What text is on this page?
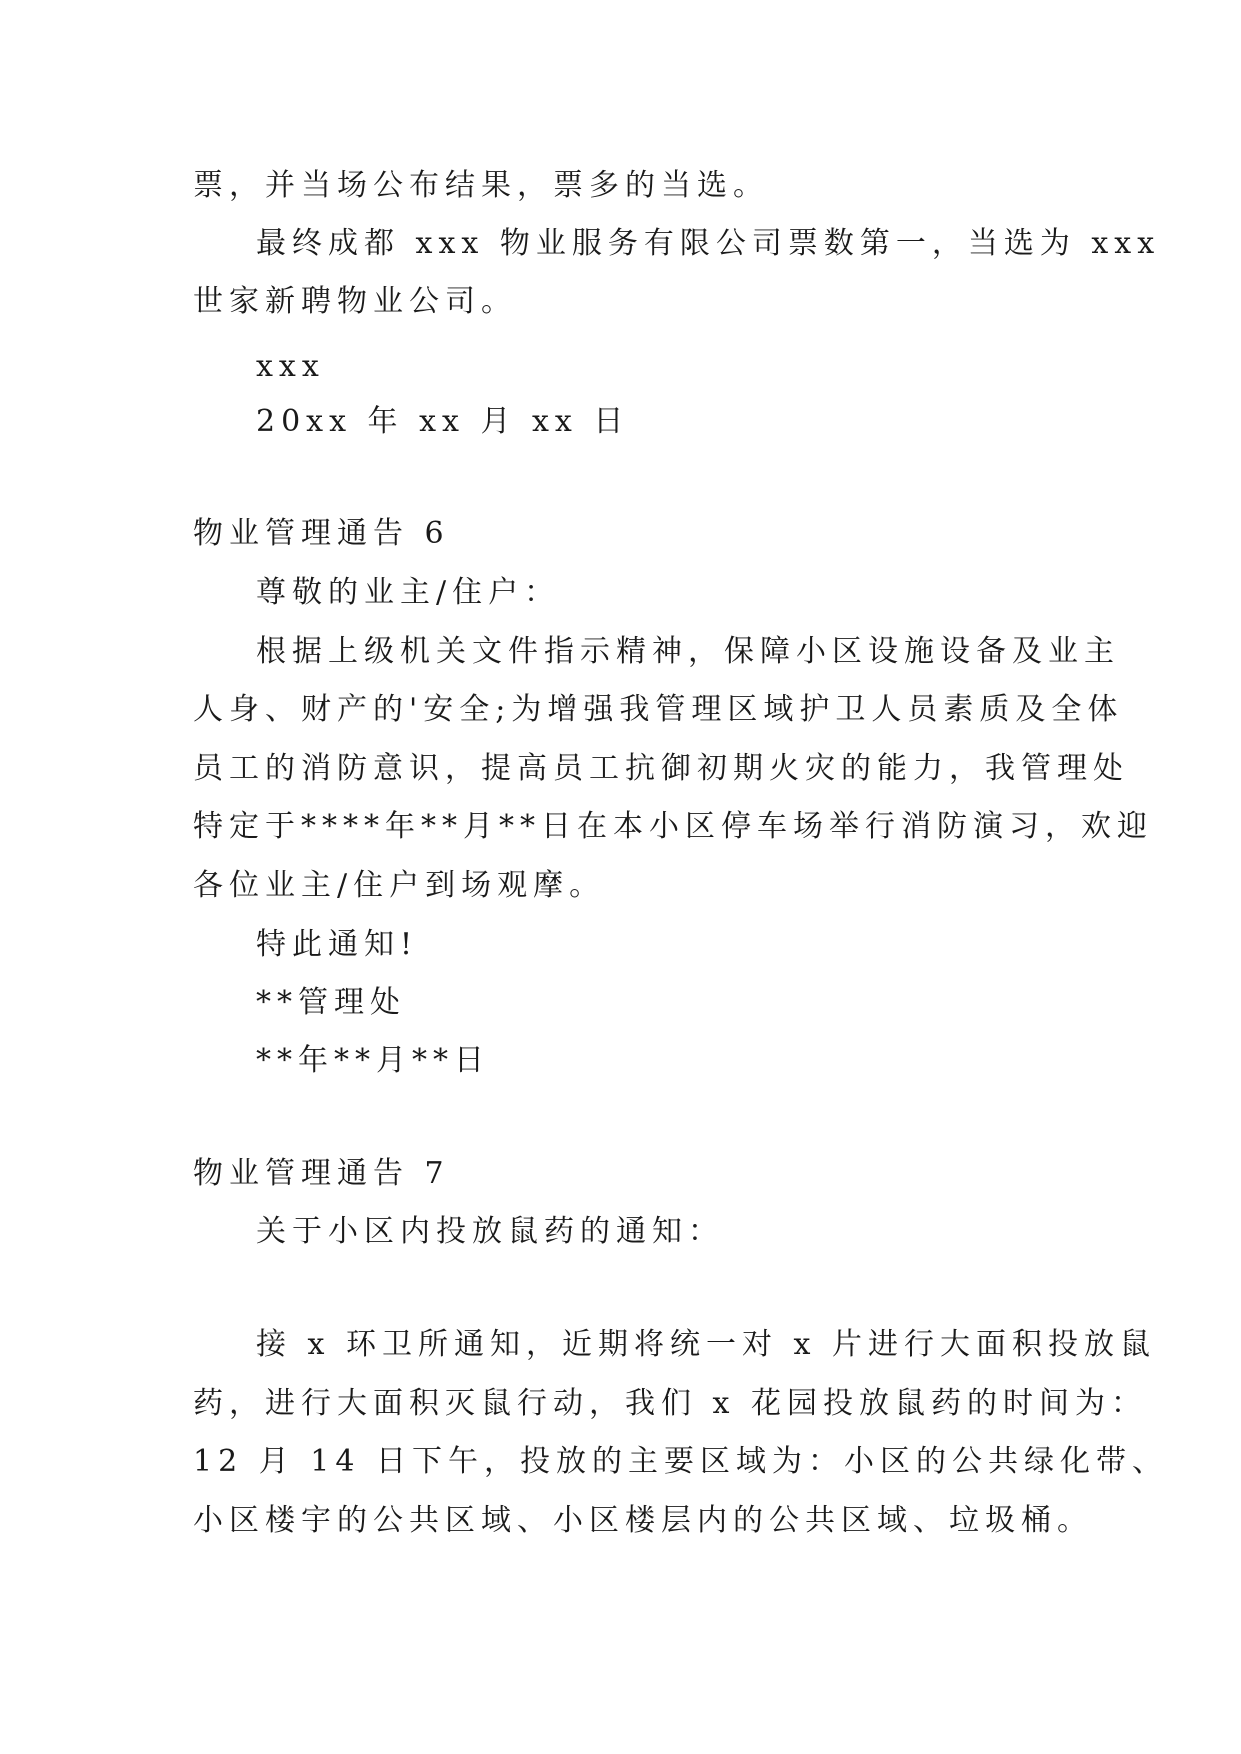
票，并当场公布结果，票多的当选。
最终成都 xxx 物业服务有限公司票数第一，当选为 xxx
世家新聘物业公司。
xxx
20xx 年 xx 月 xx 日
物业管理通告 6
尊敬的业主/住户：
根据上级机关文件指示精神，保障小区设施设备及业主
人身、财产的'安全;为增强我管理区域护卫人员素质及全体
员工的消防意识，提高员工抗御初期火灾的能力，我管理处
特定于****年**月**日在本小区停车场举行消防演习，欢迎
各位业主/住户到场观摩。
特此通知!
**管理处
**年**月**日
物业管理通告 7
关于小区内投放鼠药的通知：
接 x 环卫所通知，近期将统一对 x 片进行大面积投放鼠
药，进行大面积灭鼠行动，我们 x 花园投放鼠药的时间为：
12 月 14 日下午，投放的主要区域为：小区的公共绿化带、
小区楼宇的公共区域、小区楼层内的公共区域、垃圾桶。
